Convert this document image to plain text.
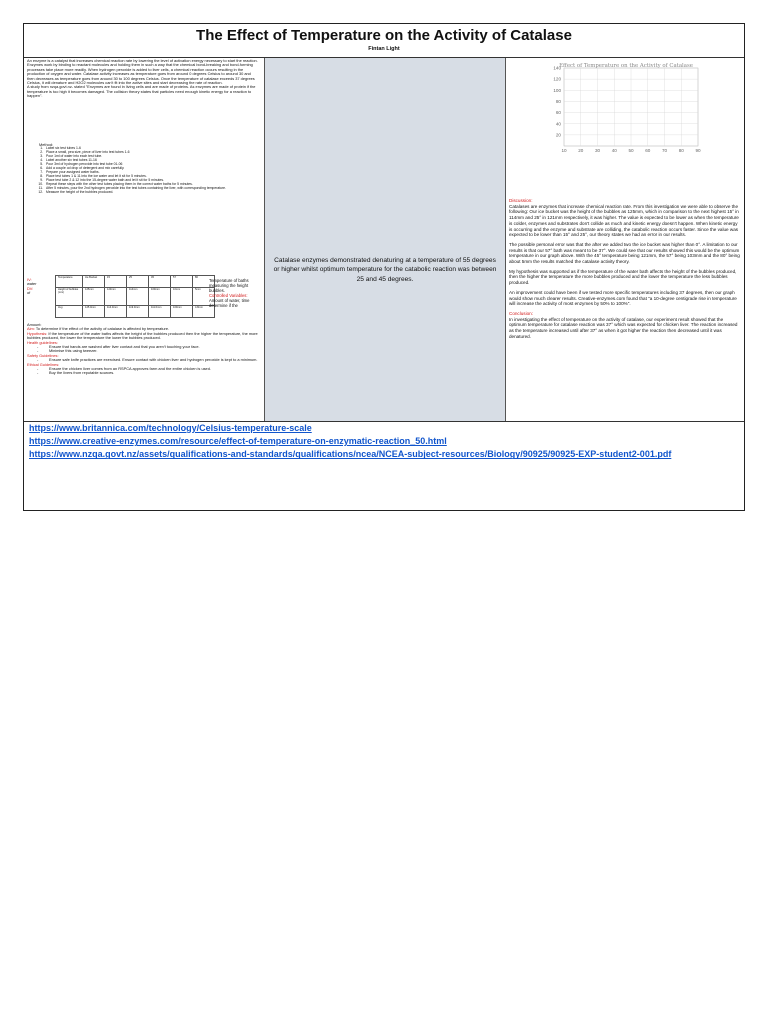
The Effect of Temperature on the Activity of Catalase
Fintan Light

An enzyme is a catalyst that increases chemical reaction rate by lowering the level of activation energy necessary to start the reaction. Enzymes work by binding to reactant molecules and holding them in such a way that the chemical bond-breaking and bond-forming processes take place more readily. When hydrogen peroxide is added to liver cells, a chemical reaction occurs resulting in the production of oxygen and water. Catalase activity increases as temperature goes from around 0 degrees Celsius to around 30 and then decreases as temperature goes from around 30 to 100 degrees Celsius. Once the temperature of catalase exceeds 37 degrees Celsius, it will denature and H2O2 molecules can't fit into the active sites and start decreasing the rate of reaction.

A study from nzqa.govt.nz- stated "Enzymes are found in living cells and are made of proteins. As enzymes are made of protein if the temperature is too high it becomes damaged. The collision theory states that particles need enough kinetic energy for a reaction to happen".

Method:

1. Label six test tubes 1-6
2. Place a small, pea size, piece of liver into test tubes 1-6
3. Pour 1ml of water into each test tube.
4. Label another six test tubes 11-16
5. Pour 3ml of hydrogen peroxide into test tube 01-06
6. Add a couple od drop of detergent and mix carefully.
7. Prepare your assigned water baths.
8. Place test tubes 1 & 11 into the ice water and let it sit for 5 minutes.
9. Place test tube 2 & 12 into the 15-degree water bath and let it sit for 5 minutes.
10. Repeat these steps with the other test tubes placing them in the correct water baths for 5 minutes.
11. After 5 minutes, pour the 2nd hydrogen peroxide into the test tubes containing the liver, with corresponding temperature.
12. Measure the height of the bubbles produced.

IV:

water

DV:

of

Temperature	Ice Bucket	15	25	45	57	80
Height of bubbles (mm)	125mm	123mm	114mm	100mm	10mm	5mm
Avg	125.0mm	114.0mm	119.0mm	111.0mm	100mm	4.8mm

Temperature of baths measuring the height bubbles.

Controlled Variables:

Amount of water, time

determine if the

Amount:

Aim: To determine if the effect of the activity of catalase is affected by temperature.

Hypothesis: If the temperature of the water baths affects the height of the bubbles produced then the higher the temperature, the more bubbles produced, the lower the temperature the lower the bubbles produced.

Health guidelines:

- Ensure that hands are washed after liver contact and that you aren't touching your face.
- Minimise this using tweezer.

Safety Guidelines:

- Ensure safe knife practices are exercised. Ensure contact with chicken liver and hydrogen peroxide is kept to a minimum.

Ethical Guidelines:

- Ensure the chicken liver comes from an RSPCA approves farm and the entire chicken is used.
- Buy the livers from reputable sources.
Catalase enzymes demonstrated denaturing at a temperature of 55 degrees or higher whilst optimum temperature for the catabolic reaction was between 25 and 45 degrees.
Effect of Temperature on the Activity of Catalase
10	20	30	40	50	60	70	80	90
20
40
60
80
100
120
140

Discussion:

Catalases are enzymes that increase chemical reaction rate. From this investigation we were able to observe the following: Our ice bucket was the height of the bubbles as 125mm, which in comparison to the next highest 15° in 114mm and 25° in 121mm respectively, it was higher. The value is expected to be lower as when the temperature is colder, enzymes and substrates don't collide as much and kinetic energy doesn't happen. When kinetic energy is occurring and the enzyme and substrate are colliding, the catabolic reaction occurs faster. Since the value was expected to be lower than 15° and 25°, our theory states we had an error in our results.

The possible personal error was that the after we added two the ice bucket was higher than 0°. A limitation to our results is that our 57° bath was meant to be 37°. We could see that our results showed this would be the optimum temperature in our graph above. With the 45° temperature being 121mm, the 57° being 103mm and the 80° being about 5mm the results matched the catalase activity theory.

My hypothesis was supported as if the temperature of the water bath affects the height of the bubbles produced, then the higher the temperature the more bubbles produced and the lower the temperature the less bubbles produced.

An improvement could have been if we tested more specific temperatures including 37 degrees, then our graph would show much clearer results. Creative-enzymes.com found that "a 10-degree centigrade rise in temperature will increase the activity of most enzymes by 50% to 100%".

Conclusion:

In investigating the effect of temperature on the activity of catalase, our experiment result showed that the optimum temperature for catalase reaction was 37° which was expected for chicken liver. The reaction increased as the temperature increased until after 37° as when it got higher the reaction then decreased until it was denatured.

https://www.britannica.com/technology/Celsius-temperature-scale
https://www.creative-enzymes.com/resource/effect-of-temperature-on-enzymatic-reaction_50.html
https://www.nzqa.govt.nz/assets/qualifications-and-standards/qualifications/ncea/NCEA-subject-resources/Biology/90925/90925-EXP-student2-001.pdf
